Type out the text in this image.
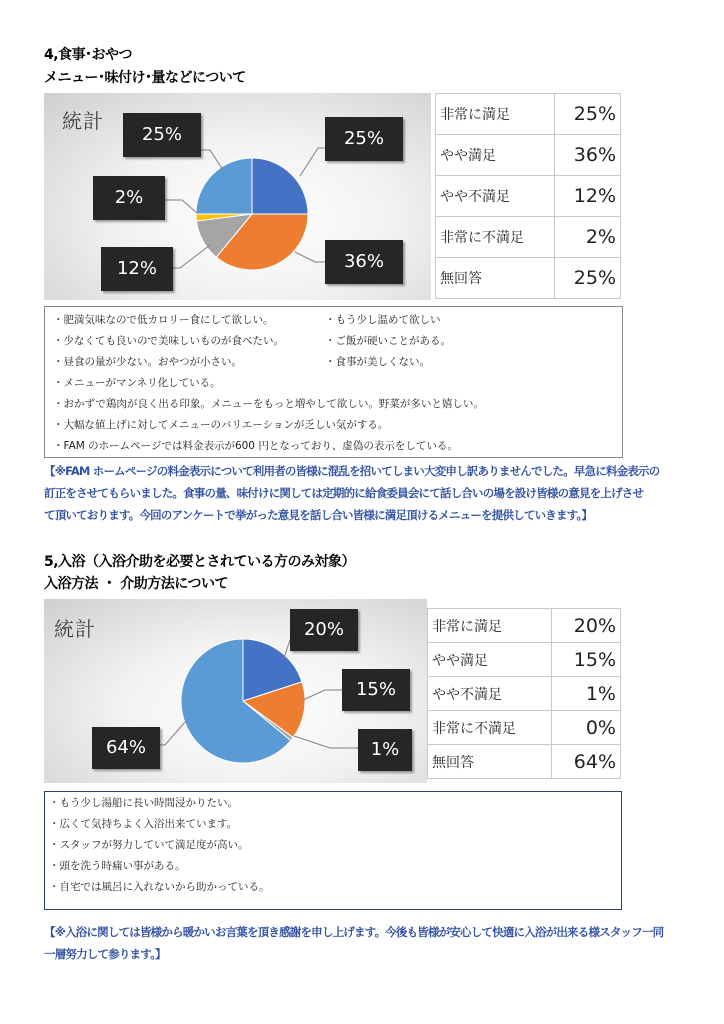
4,食事･おやつ
メニュー･味付け･量などについて
統計
25%	25%
2%
12%	36%
非常に満足	25%
やや満足	36%
やや不満足	12%
非常に不満足	2%
無回答	25%
・肥満気味なので低カロリー食にして欲しい。	・もう少し温めて欲しい
・少なくても良いので美味しいものが食べたい。	・ご飯が硬いことがある。
・昼食の量が少ない。おやつが小さい。	・食事が美しくない。
・メニューがマンネリ化している。
・おかずで鶏肉が良く出る印象。メニューをもっと増やして欲しい。野菜が多いと嬉しい。
・大幅な値上げに対してメニューのバリエーションが乏しい気がする。
・FAM のホームページでは料金表示が600 円となっており、虚偽の表示をしている。
【※FAM ホームページの料金表示について利用者の皆様に混乱を招いてしまい大変申し訳ありませんでした。早急に料金表示の
訂正をさせてもらいました。食事の量、味付けに関しては定期的に給食委員会にて話し合いの場を設け皆様の意見を上げさせ
て頂いております。今回のアンケートで挙がった意見を話し合い皆様に満足頂けるメニューを提供していきます。】
5,入浴（入浴介助を必要とされている方のみ対象）
入浴方法 ・ 介助方法について
統計	20%
15%
1%
64%
非常に満足	20%
やや満足	15%
やや不満足	1%
非常に不満足	0%
無回答	64%
・もう少し湯船に長い時間浸かりたい。
・広くて気持ちよく入浴出来ています。
・スタッフが努力していて満足度が高い。
・頭を洗う時痛い事がある。
・自宅では風呂に入れないから助かっている。
【※入浴に関しては皆様から暖かいお言葉を頂き感謝を申し上げます。今後も皆様が安心して快適に入浴が出来る様スタッフ一同
一層努力して参ります。】
